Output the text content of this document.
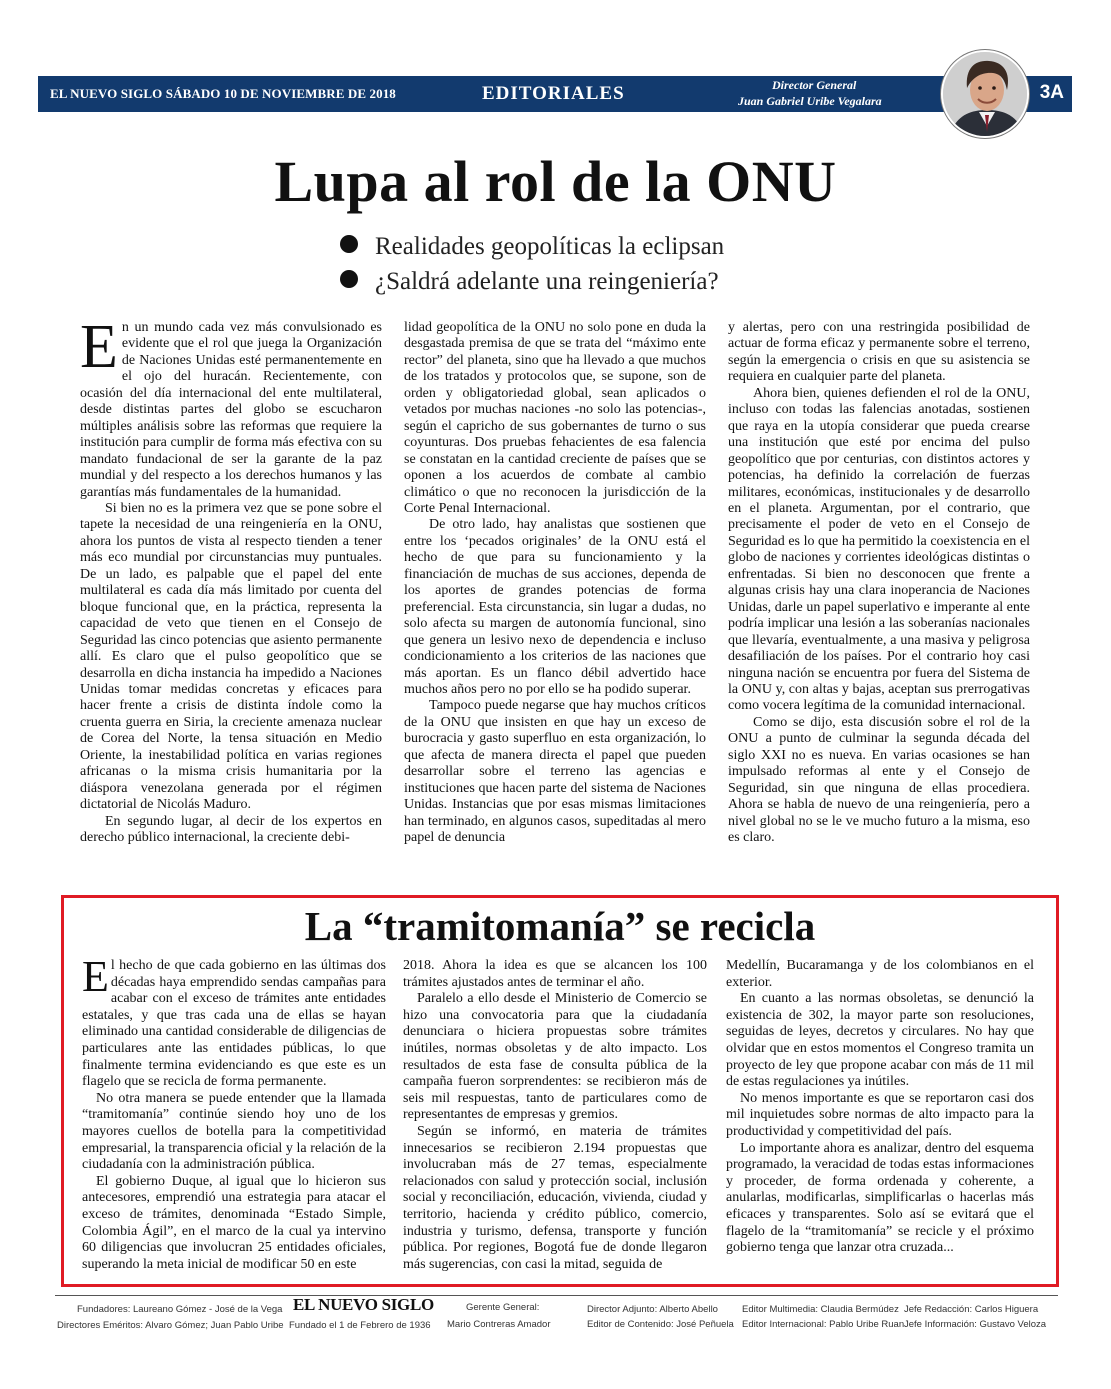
EL NUEVO SIGLO SÁBADO 10 DE NOVIEMBRE DE 2018	EDITORIALES	Director General
Juan Gabriel Uribe Vegalara	3A
Lupa al rol de la ONU
Realidades geopolíticas la eclipsan
¿Saldrá adelante una reingeniería?
E n un mundo cada vez más convulsionado es evidente que el rol que juega la Organización de Naciones Unidas esté permanentemente en el ojo del huracán. Recientemente, con ocasión del día internacional del ente multilateral, desde distintas partes del globo se escucharon múltiples análisis sobre las reformas que requiere la institución para cumplir de forma más efectiva con su mandato fundacional de ser la garante de la paz mundial y del respecto a los derechos humanos y las garantías más fundamentales de la humanidad.

Si bien no es la primera vez que se pone sobre el tapete la necesidad de una reingeniería en la ONU, ahora los puntos de vista al respecto tienden a tener más eco mundial por circunstancias muy puntuales. De un lado, es palpable que el papel del ente multilateral es cada día más limitado por cuenta del bloque funcional que, en la práctica, representa la capacidad de veto que tienen en el Consejo de Seguridad las cinco potencias que asiento permanente allí. Es claro que el pulso geopolítico que se desarrolla en dicha instancia ha impedido a Naciones Unidas tomar medidas concretas y eficaces para hacer frente a crisis de distinta índole como la cruenta guerra en Siria, la creciente amenaza nuclear de Corea del Norte, la tensa situación en Medio Oriente, la inestabilidad política en varias regiones africanas o la misma crisis humanitaria por la diáspora venezolana generada por el régimen dictatorial de Nicolás Maduro.

En segundo lugar, al decir de los expertos en derecho público internacional, la creciente debi-

lidad geopolítica de la ONU no solo pone en duda la desgastada premisa de que se trata del “máximo ente rector” del planeta, sino que ha llevado a que muchos de los tratados y protocolos que, se supone, son de orden y obligatoriedad global, sean aplicados o vetados por muchas naciones -no solo las potencias-, según el capricho de sus gobernantes de turno o sus coyunturas. Dos pruebas fehacientes de esa falencia se constatan en la cantidad creciente de países que se oponen a los acuerdos de combate al cambio climático o que no reconocen la jurisdicción de la Corte Penal Internacional.

De otro lado, hay analistas que sostienen que entre los ‘pecados originales’ de la ONU está el hecho de que para su funcionamiento y la financiación de muchas de sus acciones, dependa de los aportes de grandes potencias de forma preferencial. Esta circunstancia, sin lugar a dudas, no solo afecta su margen de autonomía funcional, sino que genera un lesivo nexo de dependencia e incluso condicionamiento a los criterios de las naciones que más aportan. Es un flanco débil advertido hace muchos años pero no por ello se ha podido superar.

Tampoco puede negarse que hay muchos críticos de la ONU que insisten en que hay un exceso de burocracia y gasto superfluo en esta organización, lo que afecta de manera directa el papel que pueden desarrollar sobre el terreno las agencias e instituciones que hacen parte del sistema de Naciones Unidas. Instancias que por esas mismas limitaciones han terminado, en algunos casos, supeditadas al mero papel de denuncia

y alertas, pero con una restringida posibilidad de actuar de forma eficaz y permanente sobre el terreno, según la emergencia o crisis en que su asistencia se requiera en cualquier parte del planeta.

Ahora bien, quienes defienden el rol de la ONU, incluso con todas las falencias anotadas, sostienen que raya en la utopía considerar que pueda crearse una institución que esté por encima del pulso geopolítico que por centurias, con distintos actores y potencias, ha definido la correlación de fuerzas militares, económicas, institucionales y de desarrollo en el planeta. Argumentan, por el contrario, que precisamente el poder de veto en el Consejo de Seguridad es lo que ha permitido la coexistencia en el globo de naciones y corrientes ideológicas distintas o enfrentadas. Si bien no desconocen que frente a algunas crisis hay una clara inoperancia de Naciones Unidas, darle un papel superlativo e imperante al ente podría implicar una lesión a las soberanías nacionales que llevaría, eventualmente, a una masiva y peligrosa desafiliación de los países. Por el contrario hoy casi ninguna nación se encuentra por fuera del Sistema de la ONU y, con altas y bajas, aceptan sus prerrogativas como vocera legítima de la comunidad internacional.

Como se dijo, esta discusión sobre el rol de la ONU a punto de culminar la segunda década del siglo XXI no es nueva. En varias ocasiones se han impulsado reformas al ente y el Consejo de Seguridad, sin que ninguna de ellas procediera. Ahora se habla de nuevo de una reingeniería, pero a nivel global no se le ve mucho futuro a la misma, eso es claro.

La “tramitomanía” se recicla
E l hecho de que cada gobierno en las últimas dos décadas haya emprendido sendas campañas para acabar con el exceso de trámites ante entidades estatales, y que tras cada una de ellas se hayan eliminado una cantidad considerable de diligencias de particulares ante las entidades públicas, lo que finalmente termina evidenciando es que este es un flagelo que se recicla de forma permanente.

No otra manera se puede entender que la llamada “tramitomanía” continúe siendo hoy uno de los mayores cuellos de botella para la competitividad empresarial, la transparencia oficial y la relación de la ciudadanía con la administración pública.

El gobierno Duque, al igual que lo hicieron sus antecesores, emprendió una estrategia para atacar el exceso de trámites, denominada “Estado Simple, Colombia Ágil”, en el marco de la cual ya intervino 60 diligencias que involucran 25 entidades oficiales, superando la meta inicial de modificar 50 en este

2018. Ahora la idea es que se alcancen los 100 trámites ajustados antes de terminar el año.

Paralelo a ello desde el Ministerio de Comercio se hizo una convocatoria para que la ciudadanía denunciara o hiciera propuestas sobre trámites inútiles, normas obsoletas y de alto impacto. Los resultados de esta fase de consulta pública de la campaña fueron sorprendentes: se recibieron más de seis mil respuestas, tanto de particulares como de representantes de empresas y gremios.

Según se informó, en materia de trámites innecesarios se recibieron 2.194 propuestas que involucraban más de 27 temas, especialmente relacionados con salud y protección social, inclusión social y reconciliación, educación, vivienda, ciudad y territorio, hacienda y crédito público, comercio, industria y turismo, defensa, transporte y función pública. Por regiones, Bogotá fue de donde llegaron más sugerencias, con casi la mitad, seguida de

Medellín, Bucaramanga y de los colombianos en el exterior.

En cuanto a las normas obsoletas, se denunció la existencia de 302, la mayor parte son resoluciones, seguidas de leyes, decretos y circulares. No hay que olvidar que en estos momentos el Congreso tramita un proyecto de ley que propone acabar con más de 11 mil de estas regulaciones ya inútiles.

No menos importante es que se reportaron casi dos mil inquietudes sobre normas de alto impacto para la productividad y competitividad del país.

Lo importante ahora es analizar, dentro del esquema programado, la veracidad de todas estas informaciones y proceder, de forma ordenada y coherente, a anularlas, modificarlas, simplificarlas o hacerlas más eficaces y transparentes. Solo así se evitará que el flagelo de la “tramitomanía” se recicle y el próximo gobierno tenga que lanzar otra cruzada...

Fundadores: Laureano Gómez - José de la Vega
Directores Eméritos: Alvaro Gómez; Juan Pablo Uribe
EL NUEVO SIGLO
Fundado el 1 de Febrero de 1936
Gerente General:
Mario Contreras Amador
Director Adjunto: Alberto Abello
Editor de Contenido: José Peñuela
Editor Multimedia: Claudia Bermúdez
Editor Internacional: Pablo Uribe Ruan
Jefe Redacción: Carlos Higuera
Jefe Información: Gustavo Veloza
